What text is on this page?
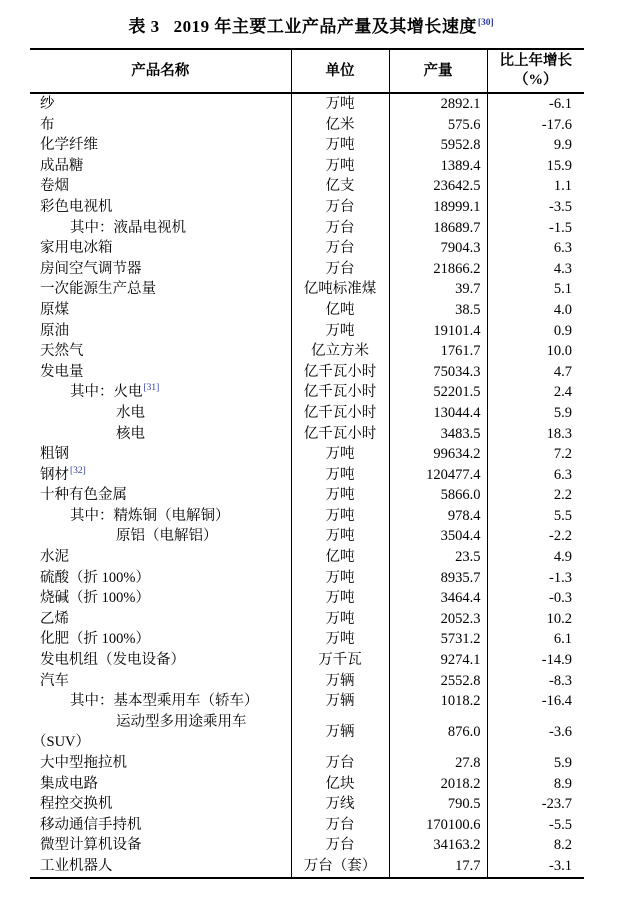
表 3 2019 年主要工业产品产量及其增长速度[30]
产品名称	单位	产量	比上年增长
（%）

纱	万吨	2892.1	-6.1

布	亿米	575.6	-17.6

化学纤维	万吨	5952.8	9.9

成品糖	万吨	1389.4	15.9

卷烟	亿支	23642.5	1.1

彩色电视机	万台	18999.1	-3.5

其中：液晶电视机	万台	18689.7	-1.5

家用电冰箱	万台	7904.3	6.3

房间空气调节器	万台	21866.2	4.3

一次能源生产总量	亿吨标准煤	39.7	5.1

原煤	亿吨	38.5	4.0

原油	万吨	19101.4	0.9

天然气	亿立方米	1761.7	10.0

发电量	亿千瓦小时	75034.3	4.7

其中：火电[31]	亿千瓦小时	52201.5	2.4

水电	亿千瓦小时	13044.4	5.9

核电	亿千瓦小时	3483.5	18.3

粗钢	万吨	99634.2	7.2

钢材[32]	万吨	120477.4	6.3

十种有色金属	万吨	5866.0	2.2

其中：精炼铜（电解铜）	万吨	978.4	5.5

原铝（电解铝）	万吨	3504.4	-2.2

水泥	亿吨	23.5	4.9

硫酸（折 100%）	万吨	8935.7	-1.3

烧碱（折 100%）	万吨	3464.4	-0.3

乙烯	万吨	2052.3	10.2

化肥（折 100%）	万吨	5731.2	6.1

发电机组（发电设备）	万千瓦	9274.1	-14.9

汽车	万辆	2552.8	-8.3

其中：基本型乘用车（轿车）	万辆	1018.2	-16.4

运动型多用途乘用车
（SUV）	万辆	876.0	-3.6

大中型拖拉机	万台	27.8	5.9

集成电路	亿块	2018.2	8.9

程控交换机	万线	790.5	-23.7

移动通信手持机	万台	170100.6	-5.5

微型计算机设备	万台	34163.2	8.2

工业机器人	万台（套）	17.7	-3.1
